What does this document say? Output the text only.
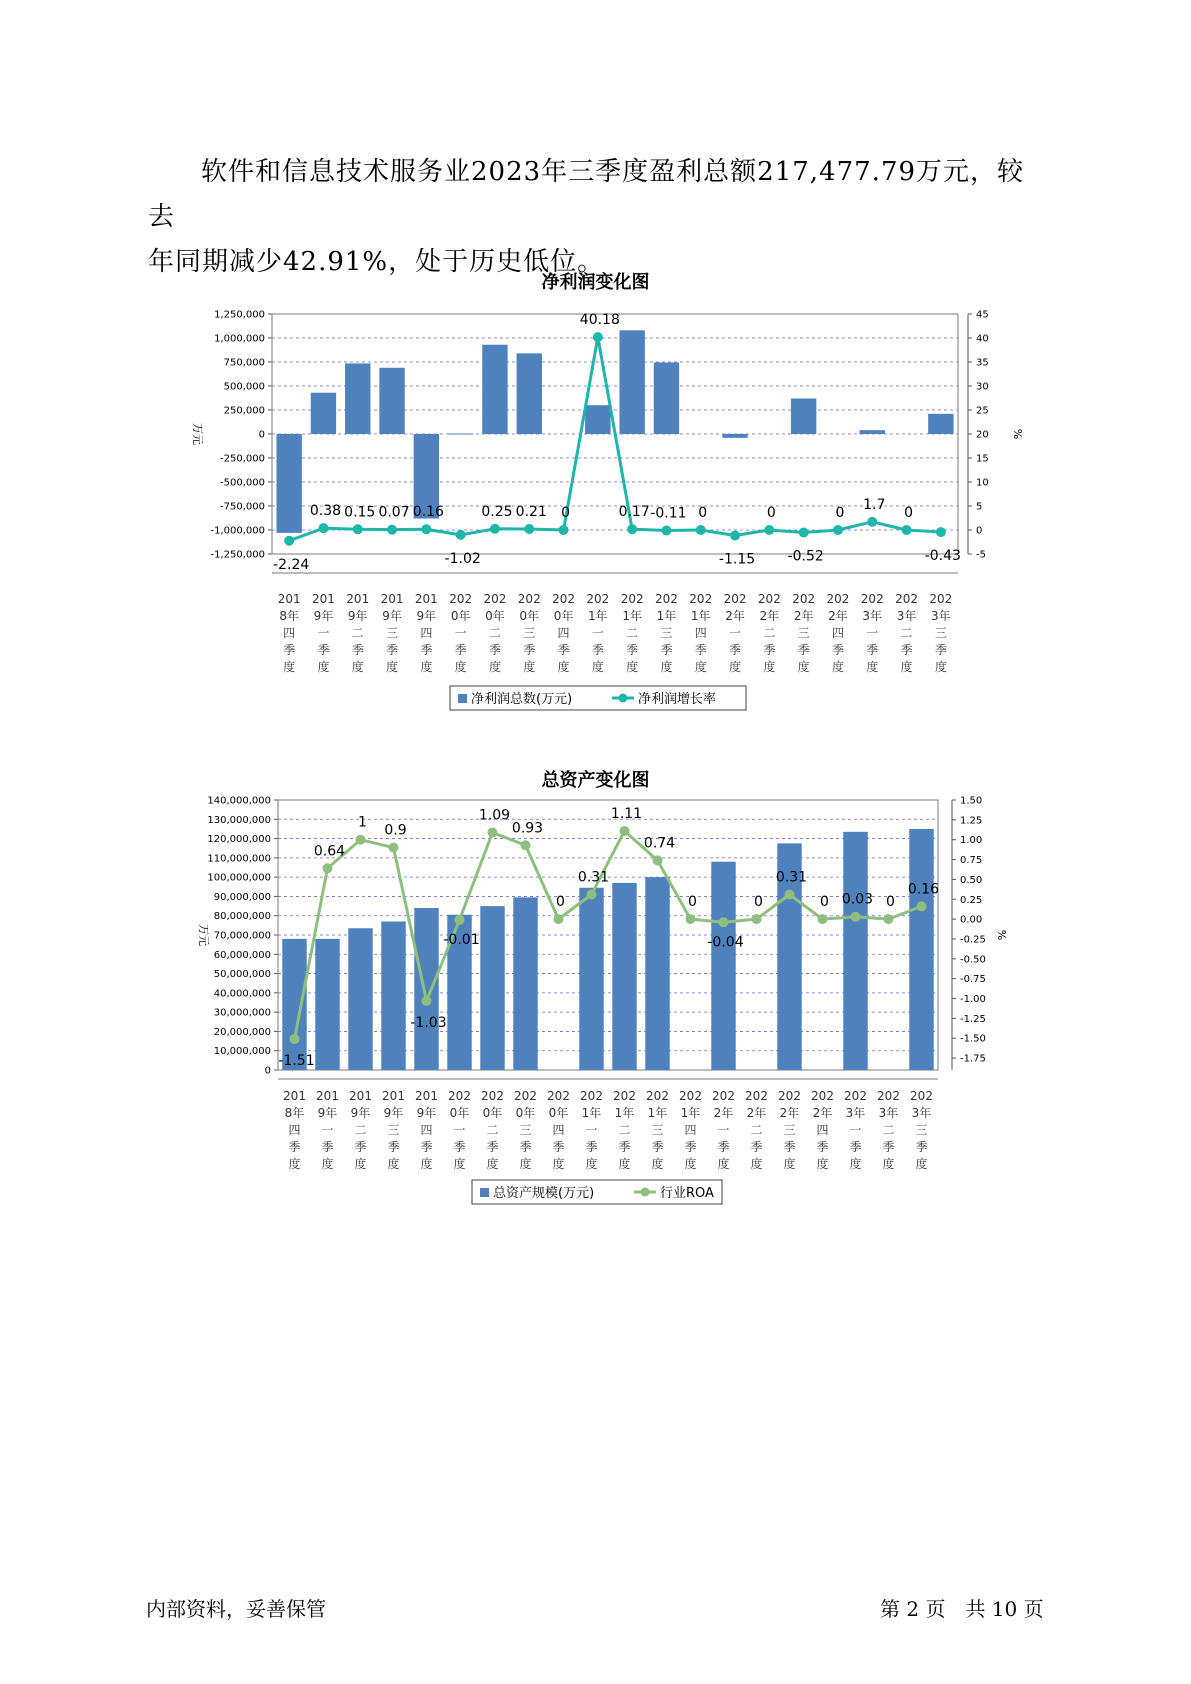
软件和信息技术服务业2023年三季度盈利总额217,477.79万元，较去

年同期减少42.91%，处于历史低位。

净利润变化图
-1,250,000
-1,000,000
-750,000
-500,000
-250,000
0
250,000
500,000
750,000
1,000,000
1,250,000
-5
0
5
10
15
20
25
30
35
40
45
万元	%
-2.24
0.38 0.15 0.07 0.16
-1.02
0.25 0.21 0
40.18
0.17 -0.11 0
-1.15
0
-0.52
0
1.7
0
-0.43
201
8年
四
季
度
201
9年
一
季
度
201
9年
二
季
度
201
9年
三
季
度
201
9年
四
季
度
202
0年
一
季
度
202
0年
二
季
度
202
0年
三
季
度
202
0年
四
季
度
202
1年
一
季
度
202
1年
二
季
度
202
1年
三
季
度
202
1年
四
季
度
202
2年
一
季
度
202
2年
二
季
度
202
2年
三
季
度
202
2年
四
季
度
202
3年
一
季
度
202
3年
二
季
度
202
3年
三
季
度
净利润总数(万元)	净利润增长率
总资产变化图
0
10,000,000
20,000,000
30,000,000
40,000,000
50,000,000
60,000,000
70,000,000
80,000,000
90,000,000
100,000,000
110,000,000
120,000,000
130,000,000
140,000,000
-1.75
-1.50
-1.25
-1.00
-0.75
-0.50
-0.25
0.00
0.25
0.50
0.75
1.00
1.25
1.50
万元	%
-1.51
0.64
1 0.9
-1.03
-0.01
1.09
0.93
0
0.31
1.11
0.74
0
-0.04
0
0.31
0 0.03 0
0.16
201
8年
四
季
度
201
9年
一
季
度
201
9年
二
季
度
201
9年
三
季
度
201
9年
四
季
度
202
0年
一
季
度
202
0年
二
季
度
202
0年
三
季
度
202
0年
四
季
度
202
1年
一
季
度
202
1年
二
季
度
202
1年
三
季
度
202
1年
四
季
度
202
2年
一
季
度
202
2年
二
季
度
202
2年
三
季
度
202
2年
四
季
度
202
3年
一
季
度
202
3年
二
季
度
202
3年
三
季
度
总资产规模(万元)	行业ROA
内部资料，妥善保管	第 2 页　共 10 页
